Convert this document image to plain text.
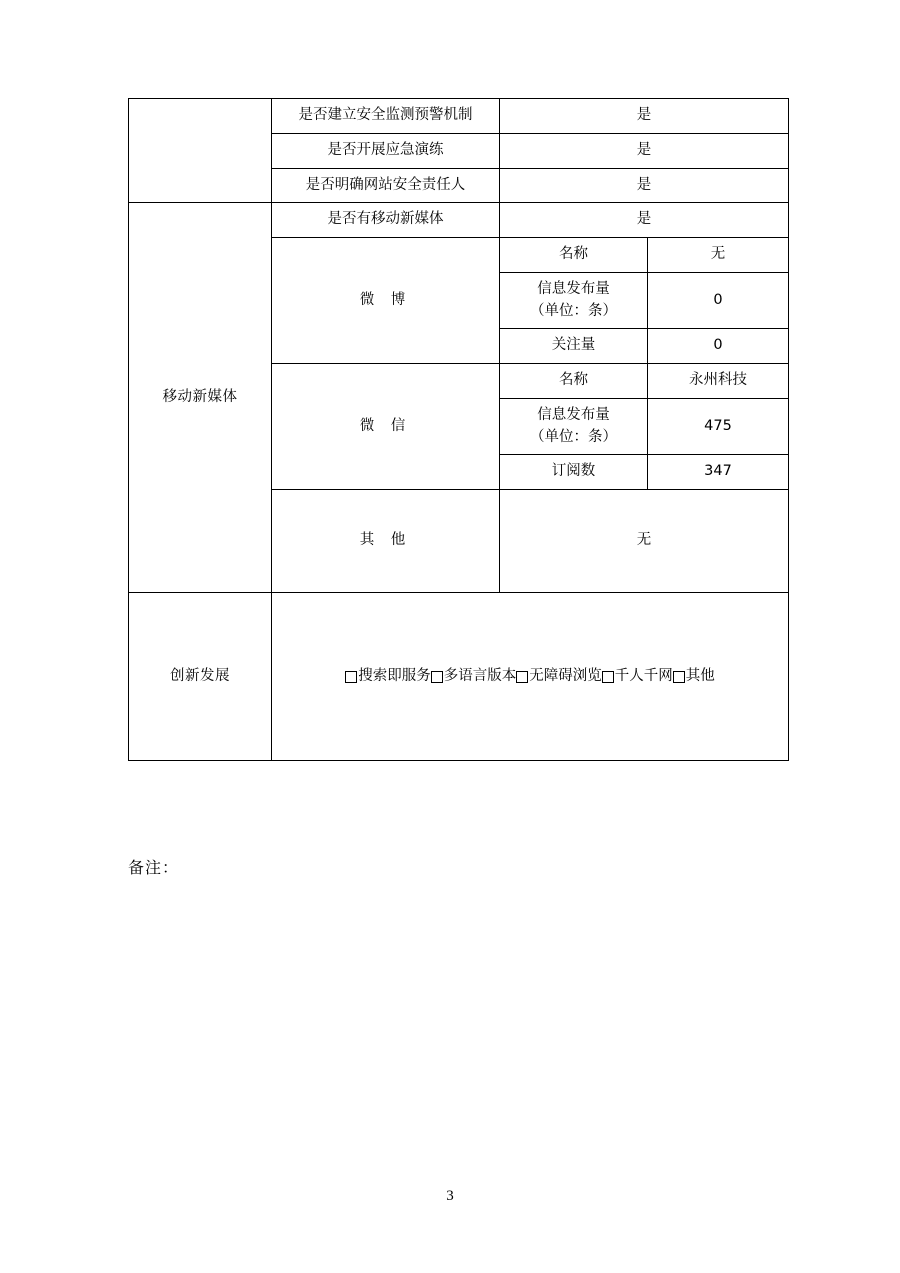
	是否建立安全监测预警机制	是	
	是否开展应急演练	是	
	是否明确网站安全责任人	是	
移动新媒体	是否有移动新媒体	是	
	微 博	名称	无

		信息发布量
（单位：条）	0
		关注量	0
	微 信	名称	永州科技

		信息发布量
（单位：条）	475
		订阅数	347
	其 他	无	
创新发展	搜索即服务 多语言版本 无障碍浏览 千人千网 其他		
备注：
3
